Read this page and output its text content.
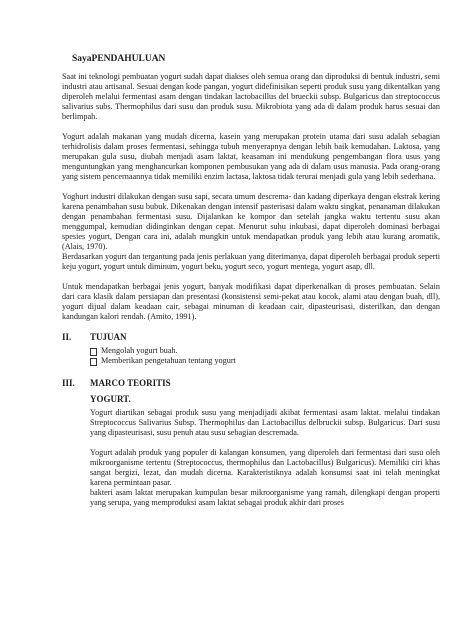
SayaPENDAHULUAN

Saat ini teknologi pembuatan yogurt sudah dapat diakses oleh semua orang dan diproduksi di bentuk industri, semi industri atau artisanal. Sesuai dengan kode pangan, yogurt didefinisikan seperti produk susu yang dikentalkan yang diperoleh melalui fermentasi asam dengan tindakan lactobacillus del brueckii subsp. Bulgaricus dan streptococcus salivarius subs. Thermophilus dari susu dan produk susu. Mikrobiota yang ada di dalam produk harus sesuai dan berlimpah.

Yogurt adalah makanan yang mudah dicerna, kasein yang merupakan protein utama dari susu adalah sebagian terhidrolisis dalam proses fermentasi, sehingga tubuh menyerapnya dengan lebih baik kemudahan. Laktosa, yang merupakan gula susu, diubah menjadi asam laktat, keasaman ini mendukung pengembangan flora usus yang menguntungkan yang menghancurkan komponen pembusukan yang ada di dalam usus manusia. Pada orang-orang yang sistem pencernaannya tidak memiliki enzim lactasa, laktosa tidak terurai menjadi gula yang lebih sederhana.

Yoghurt industri dilakukan dengan susu sapi, secara umum descrema- dan kadang diperkaya dengan ekstrak kering karena penambahan susu bubuk. Dikenakan dengan intensif pasterisasi dalam waktu singkat, penanaman dilakukan dengan penambahan fermentasi susu. Dijalankan ke kompor dan setelah jangka waktu tertentu susu akan menggumpal, kemudian didinginkan dengan cepat. Menurut suhu inkubasi, dapat diperoleh dominasi berbagai spesies yogurt, Dengan cara ini, adalah mungkin untuk mendapatkan produk yang lebih atau kurang aromatik, (Alais, 1970).

Berdasarkan yogurt dan tergantung pada jenis perlakuan yang diterimanya, dapat diperoleh berbagai produk seperti keju yogurt, yogurt untuk diminum, yogurt beku, yogurt seco, yogurt mentega, yogurt asap, dll.

Untuk mendapatkan berbagai jenis yogurt, banyak modifikasi dapat diperkenalkan di proses pembuatan. Selain dari cara klasik dalam persiapan dan presentasi (konsistensi semi-pekat atau kocok, alami atau dengan buah, dll), yogurt dijual dalam keadaan cair, sebagai minuman di keadaan cair, dipasteurisasi, disterilkan, dan dengan kandungan kalori rendah. (Amito, 1991).

II.	TUJUAN
Mengolah yogurt buah.
Memberikan pengetahuan tentang yogurt
III.	MARCO TEORITIS
YOGURT.

Yogurt diartikan sebagai produk susu yang menjadijadi akibat fermentasi asam laktat. melalui tindakan Streptococcus Salivarius Subsp. Thermophilus dan Lactobacillus delbruckii subsp. Bulgaricus. Dari susu yang dipasteurisasi, susu penuh atau susu sebagian descremada.

Yogurt adalah produk yang populer di kalangan konsumen, yang diperoleh dari fermentasi dari susu oleh mikroorganisme tertentu (Streptococcus, thermophilus dan Lactobacillus) Bulgaricus). Memiliki ciri khas sangat bergizi, lezat, dan mudah dicerna. Karakteristiknya adalah konsumsi saat ini telah meningkat karena permintaan pasar.

bakteri asam laktat merupakan kumpulan besar mikroorganisme yang ramah, dilengkapi dengan properti yang serupa, yang memproduksi asam laktat sebagai produk akhir dari proses
